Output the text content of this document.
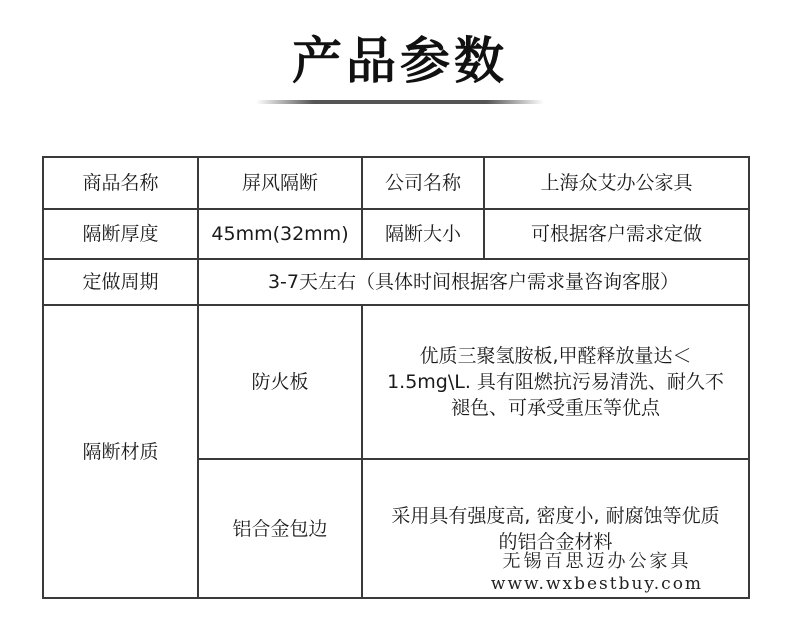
产品参数
商品名称	屏风隔断	公司名称	上海众艾办公家具
隔断厚度	45mm(32mm)	隔断大小	可根据客户需求定做
定做周期	3-7天左右（具体时间根据客户需求量咨询客服）		
隔断材质	防火板	优质三聚氢胺板,甲醛释放量达＜1.5mg\L. 具有阻燃抗污易清洗、耐久不褪色、可承受重压等优点	
	铝合金包边	采用具有强度高, 密度小, 耐腐蚀等优质的铝合金材料	
无锡百思迈办公家具
www.wxbestbuy.com
